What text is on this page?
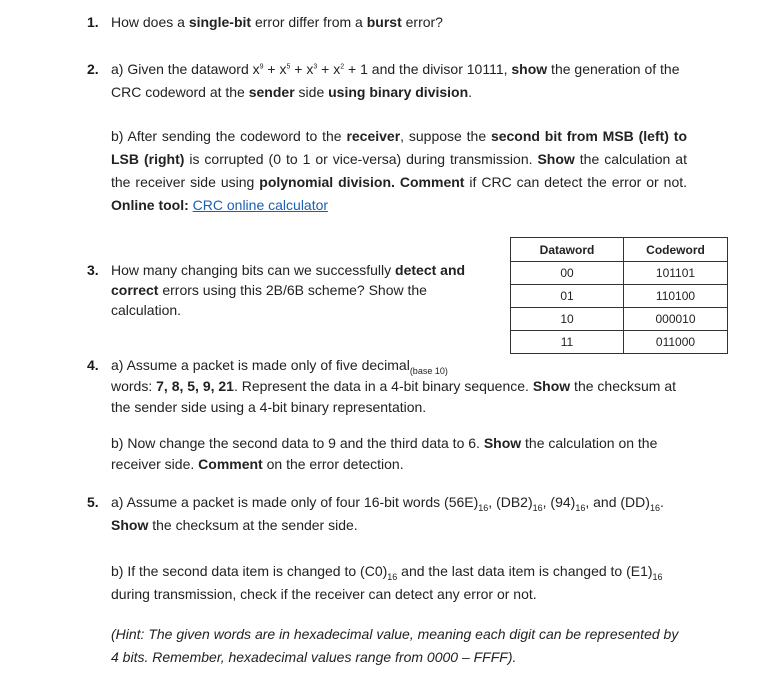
1. How does a single-bit error differ from a burst error?
2. a) Given the dataword $x^9 + x^5 + x^3 + x^2 + 1$ and the divisor 10111, show the generation of the CRC codeword at the sender side using binary division.
b) After sending the codeword to the receiver, suppose the second bit from MSB (left) to LSB (right) is corrupted (0 to 1 or vice-versa) during transmission. Show the calculation at the receiver side using polynomial division. Comment if CRC can detect the error or not. Online tool: CRC online calculator
3. How many changing bits can we successfully detect and correct errors using this 2B/6B scheme? Show the calculation.
Dataword	Codeword
00	101101
01	110100
10	000010
11	011000
4. a) Assume a packet is made only of five decimal$_{(base 10)}$
words: 7, 8, 5, 9, 21. Represent the data in a 4-bit binary sequence. Show the checksum at the sender side using a 4-bit binary representation.
b) Now change the second data to 9 and the third data to 6. Show the calculation on the receiver side. Comment on the error detection.
5. a) Assume a packet is made only of four 16-bit words $(56E)_{16}$, $(DB2)_{16}$, $(94)_{16}$, and $(DD)_{16}$.
Show the checksum at the sender side.
b) If the second data item is changed to $(C0)_{16}$ and the last data item is changed to $(E1)_{16}$ during transmission, check if the receiver can detect any error or not.
(Hint: The given words are in hexadecimal value, meaning each digit can be represented by 4 bits. Remember, hexadecimal values range from 0000 – FFFF).
